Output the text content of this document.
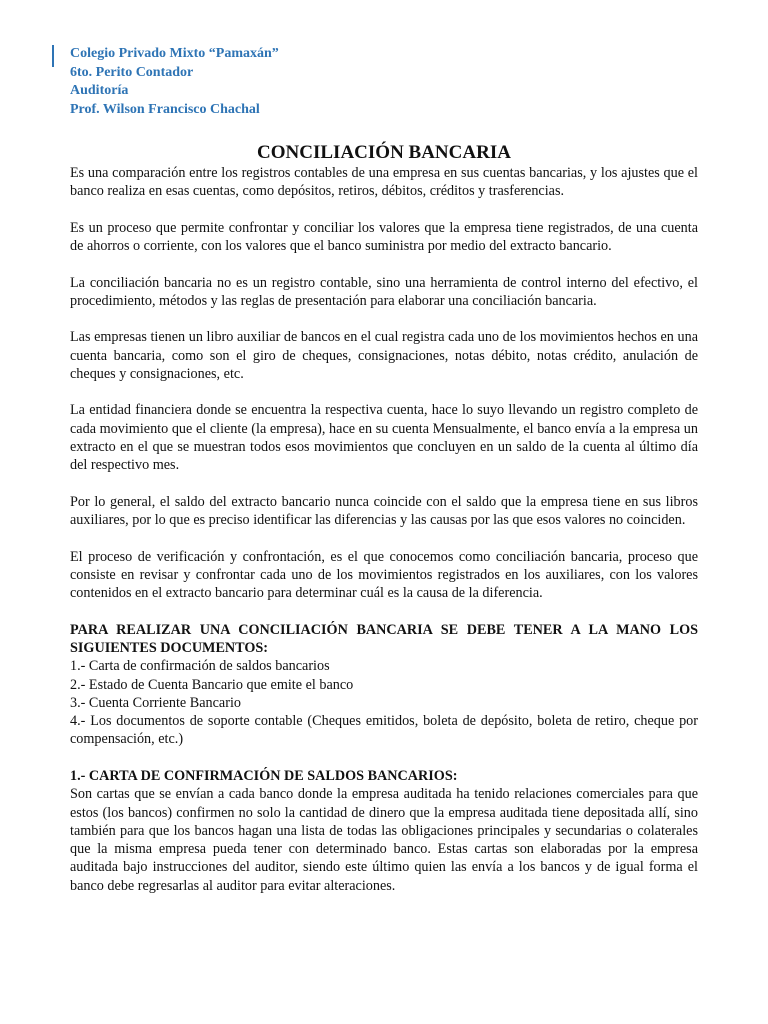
Colegio Privado Mixto “Pamaxán”
6to. Perito Contador
Auditoría
Prof. Wilson Francisco Chachal
CONCILIACIÓN BANCARIA

Es una comparación entre los registros contables de una empresa en sus cuentas bancarias, y los ajustes que el banco realiza en esas cuentas, como depósitos, retiros, débitos, créditos y trasferencias.

Es un proceso que permite confrontar y conciliar los valores que la empresa tiene registrados, de una cuenta de ahorros o corriente, con los valores que el banco suministra por medio del extracto bancario.

La conciliación bancaria no es un registro contable, sino una herramienta de control interno del efectivo, el procedimiento, métodos y las reglas de presentación para elaborar una conciliación bancaria.

Las empresas tienen un libro auxiliar de bancos en el cual registra cada uno de los movimientos hechos en una cuenta bancaria, como son el giro de cheques, consignaciones, notas débito, notas crédito, anulación de cheques y consignaciones, etc.

La entidad financiera donde se encuentra la respectiva cuenta, hace lo suyo llevando un registro completo de cada movimiento que el cliente (la empresa), hace en su cuenta Mensualmente, el banco envía a la empresa un extracto en el que se muestran todos esos movimientos que concluyen en un saldo de la cuenta al último día del respectivo mes.

Por lo general, el saldo del extracto bancario nunca coincide con el saldo que la empresa tiene en sus libros auxiliares, por lo que es preciso identificar las diferencias y las causas por las que esos valores no coinciden.

El proceso de verificación y confrontación, es el que conocemos como conciliación bancaria, proceso que consiste en revisar y confrontar cada uno de los movimientos registrados en los auxiliares, con los valores contenidos en el extracto bancario para determinar cuál es la causa de la diferencia.

PARA REALIZAR UNA CONCILIACIÓN BANCARIA SE DEBE TENER A LA MANO LOS SIGUIENTES DOCUMENTOS:
1.- Carta de confirmación de saldos bancarios
2.- Estado de Cuenta Bancario que emite el banco
3.- Cuenta Corriente Bancario
4.- Los documentos de soporte contable (Cheques emitidos, boleta de depósito, boleta de retiro, cheque por compensación, etc.)
1.- CARTA DE CONFIRMACIÓN DE SALDOS BANCARIOS:

Son cartas que se envían a cada banco donde la empresa auditada ha tenido relaciones comerciales para que estos (los bancos) confirmen no solo la cantidad de dinero que la empresa auditada tiene depositada allí, sino también para que los bancos hagan una lista de todas las obligaciones principales y secundarias o colaterales que la misma empresa pueda tener con determinado banco. Estas cartas son elaboradas por la empresa auditada bajo instrucciones del auditor, siendo este último quien las envía a los bancos y de igual forma el banco debe regresarlas al auditor para evitar alteraciones.
